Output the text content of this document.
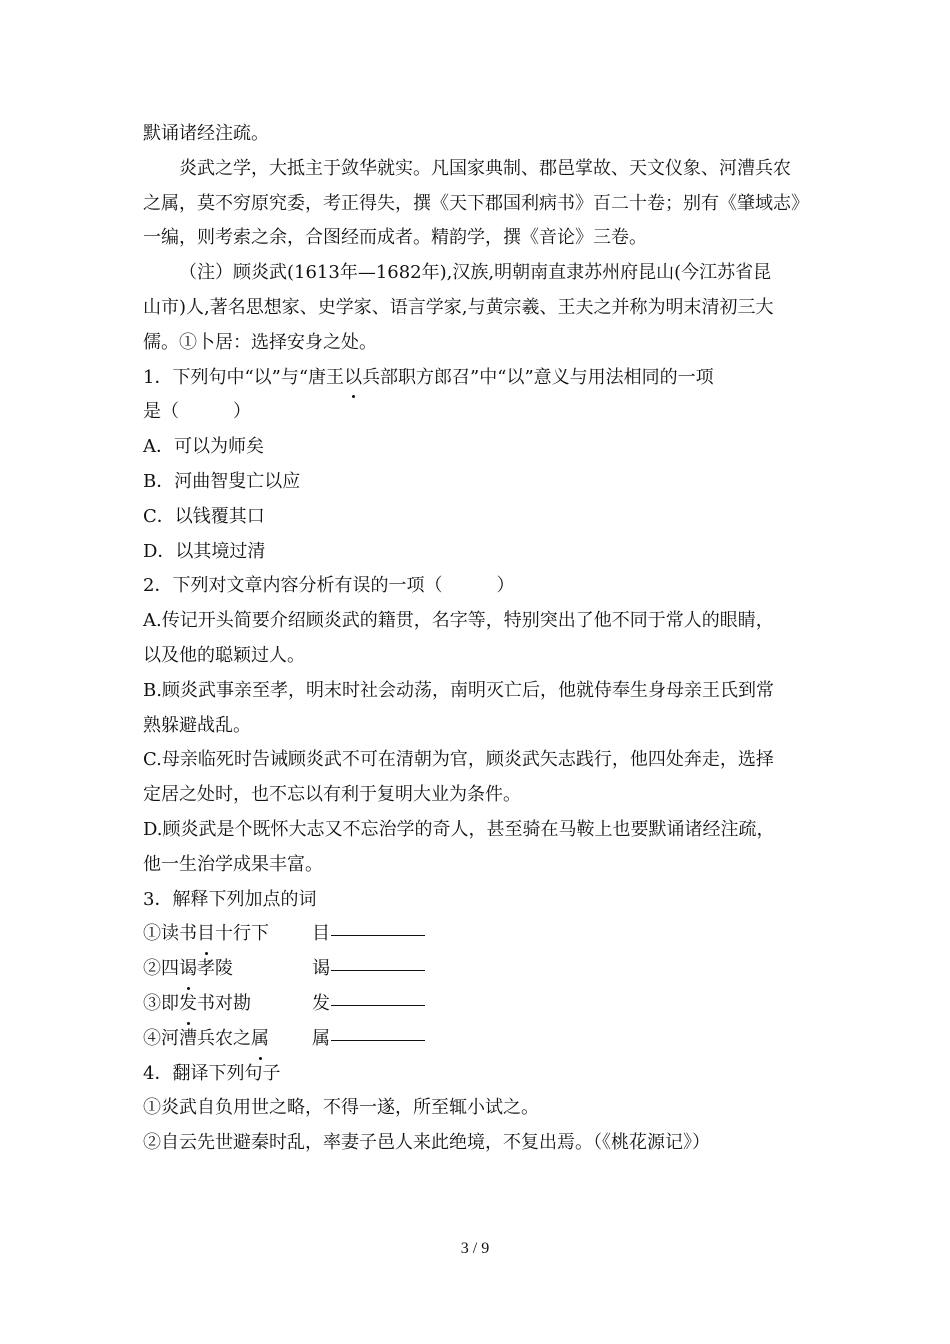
默诵诸经注疏。
炎武之学，大抵主于敛华就实。凡国家典制、郡邑掌故、天文仪象、河漕兵农
之属，莫不穷原究委，考正得失，撰《天下郡国利病书》百二十卷；别有《肇域志》
一编，则考索之余，合图经而成者。精韵学，撰《音论》三卷。
（注）顾炎武(1613年—1682年),汉族,明朝南直隶苏州府昆山(今江苏省昆
山市)人,著名思想家、史学家、语言学家,与黄宗羲、王夫之并称为明末清初三大
儒。①卜居：选择安身之处。
1．下列句中“以”与“唐王以兵部职方郎召”中“以”意义与用法相同的一项
是（　　　）
A．可以为师矣
B．河曲智叟亡以应
C．以钱覆其口
D．以其境过清
2．下列对文章内容分析有误的一项（　　　）
A.传记开头简要介绍顾炎武的籍贯，名字等，特别突出了他不同于常人的眼睛，
以及他的聪颖过人。
B.顾炎武事亲至孝，明末时社会动荡，南明灭亡后，他就侍奉生身母亲王氏到常
熟躲避战乱。
C.母亲临死时告诫顾炎武不可在清朝为官，顾炎武矢志践行，他四处奔走，选择
定居之处时，也不忘以有利于复明大业为条件。
D.顾炎武是个既怀大志又不忘治学的奇人，甚至骑在马鞍上也要默诵诸经注疏，
他一生治学成果丰富。
3．解释下列加点的词
①读书目十行下	目
②四谒孝陵	谒
③即发书对勘	发
④河漕兵农之属	属
4．翻译下列句子
①炎武自负用世之略，不得一遂，所至辄小试之。
②自云先世避秦时乱，率妻子邑人来此绝境，不复出焉。（《桃花源记》）
3 / 9
